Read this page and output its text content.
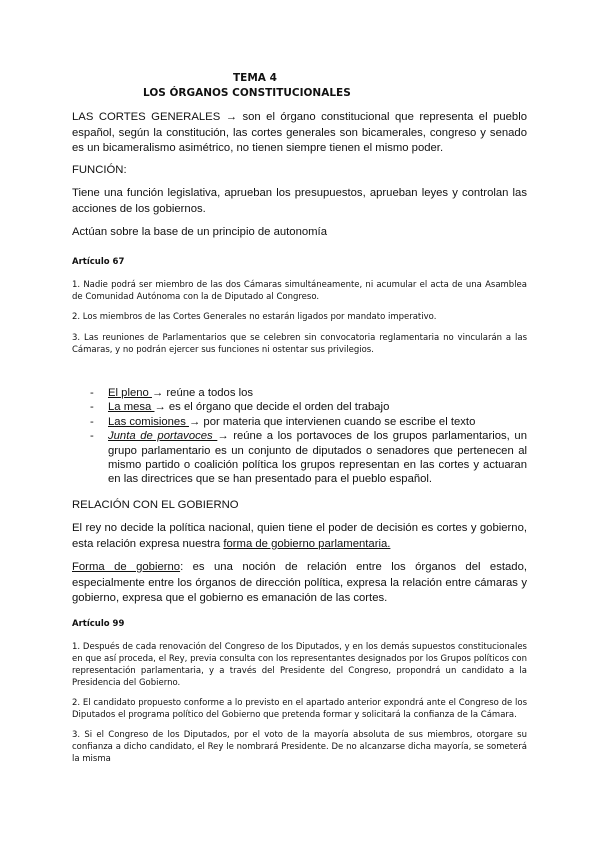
TEMA 4
LOS ÓRGANOS CONSTITUCIONALES
LAS CORTES GENERALES → son el órgano constitucional que representa el pueblo español, según la constitución, las cortes generales son bicamerales, congreso y senado es un bicameralismo asimétrico, no tienen siempre tienen el mismo poder.
FUNCIÓN:
Tiene una función legislativa, aprueban los presupuestos, aprueban leyes y controlan las acciones de los gobiernos.
Actúan sobre la base de un principio de autonomía
Artículo 67
1. Nadie podrá ser miembro de las dos Cámaras simultáneamente, ni acumular el acta de una Asamblea de Comunidad Autónoma con la de Diputado al Congreso.
2. Los miembros de las Cortes Generales no estarán ligados por mandato imperativo.
3. Las reuniones de Parlamentarios que se celebren sin convocatoria reglamentaria no vincularán a las Cámaras, y no podrán ejercer sus funciones ni ostentar sus privilegios.
- El pleno → reúne a todos los
- La mesa → es el órgano que decide el orden del trabajo
- Las comisiones → por materia que intervienen cuando se escribe el texto
- Junta de portavoces → reúne a los portavoces de los grupos parlamentarios, un grupo parlamentario es un conjunto de diputados o senadores que pertenecen al mismo partido o coalición política los grupos representan en las cortes y actuaran en las directrices que se han presentado para el pueblo español.
RELACIÓN CON EL GOBIERNO
El rey no decide la política nacional, quien tiene el poder de decisión es cortes y gobierno, esta relación expresa nuestra forma de gobierno parlamentaria.
Forma de gobierno: es una noción de relación entre los órganos del estado, especialmente entre los órganos de dirección política, expresa la relación entre cámaras y gobierno, expresa que el gobierno es emanación de las cortes.
Artículo 99
1. Después de cada renovación del Congreso de los Diputados, y en los demás supuestos constitucionales en que así proceda, el Rey, previa consulta con los representantes designados por los Grupos políticos con representación parlamentaria, y a través del Presidente del Congreso, propondrá un candidato a la Presidencia del Gobierno.
2. El candidato propuesto conforme a lo previsto en el apartado anterior expondrá ante el Congreso de los Diputados el programa político del Gobierno que pretenda formar y solicitará la confianza de la Cámara.
3. Si el Congreso de los Diputados, por el voto de la mayoría absoluta de sus miembros, otorgare su confianza a dicho candidato, el Rey le nombrará Presidente. De no alcanzarse dicha mayoría, se someterá la misma
